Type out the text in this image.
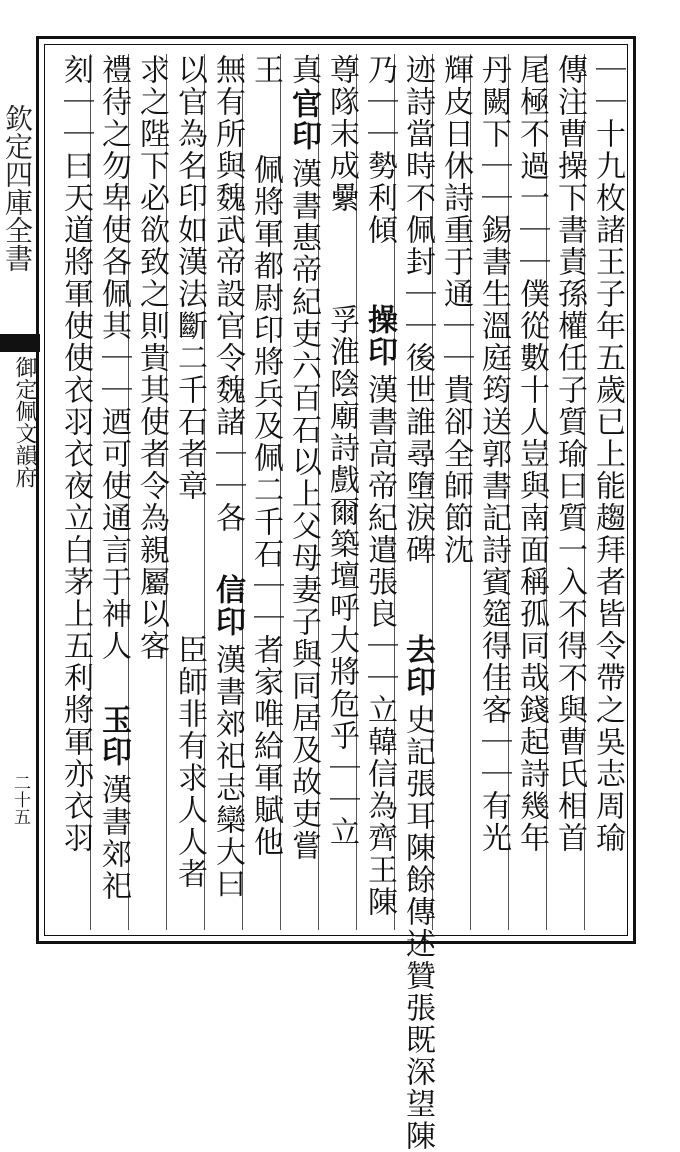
欽定四庫全書
御定佩文韻府
二十五	｜｜十九枚諸王子年五歲已上能趨拜者皆令帶之吳志周瑜
傳注曹操下書責孫權任子質瑜曰質一入不得不與曹氏相首
尾極不過一｜｜僕從數十人豈與南面稱孤同哉錢起詩幾年
丹闕下｜｜錫書生溫庭筠送郭書記詩賓筵得佳客｜｜有光
輝皮日休詩重于通｜｜貴卻全師節沈
迹詩當時不佩封｜｜後世誰尋墮淚碑
去印
史記張耳陳餘傳述贊張既深望陳
乃｜｜勢利傾
操印
漢書高帝紀遣張良｜｜立韓信為齊王陳
尊隊末成纍
孚淮陰廟詩戲爾築壇呼大將危乎｜｜立
真
官印
漢書惠帝紀吏六百石以上父母妻子與同居及故吏嘗
王
佩將軍都尉印將兵及佩二千石｜｜者家唯給軍賦他
無有所與魏武帝設官令魏諸｜｜各
信印
漢書郊祀志欒大曰
以官為名印如漢法斷二千石者章
臣師非有求人人者
求之陛下必欲致之則貴其使者令為親屬以客
禮待之勿卑使各佩其｜｜迺可使通言于神人
玉印
漢書郊祀
刻｜｜曰天道將軍使使衣羽衣夜立白茅上五利將軍亦衣羽
